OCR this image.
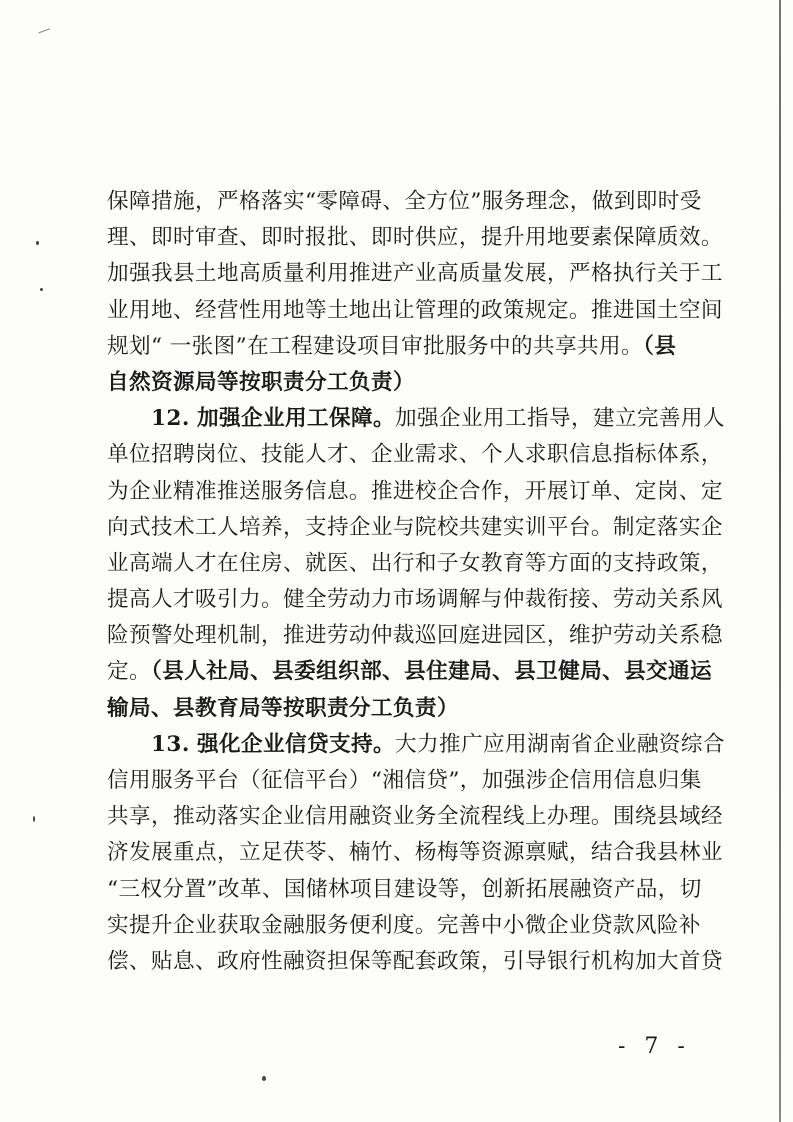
保障措施，严格落实“零障碍、全方位”服务理念，做到即时受

理、即时审查、即时报批、即时供应，提升用地要素保障质效。

加强我县土地高质量利用推进产业高质量发展，严格执行关于工

业用地、经营性用地等土地出让管理的政策规定。推进国土空间

规划“ 一张图”在工程建设项目审批服务中的共享共用。（县

自然资源局等按职责分工负责）

12. 加强企业用工保障。加强企业用工指导，建立完善用人

单位招聘岗位、技能人才、企业需求、个人求职信息指标体系，

为企业精准推送服务信息。推进校企合作，开展订单、定岗、定

向式技术工人培养，支持企业与院校共建实训平台。制定落实企

业高端人才在住房、就医、出行和子女教育等方面的支持政策，

提高人才吸引力。健全劳动力市场调解与仲裁衔接、劳动关系风

险预警处理机制，推进劳动仲裁巡回庭进园区，维护劳动关系稳

定。（县人社局、县委组织部、县住建局、县卫健局、县交通运

输局、县教育局等按职责分工负责）

13. 强化企业信贷支持。大力推广应用湖南省企业融资综合

信用服务平台（征信平台）“湘信贷”，加强涉企信用信息归集

共享，推动落实企业信用融资业务全流程线上办理。围绕县域经

济发展重点，立足茯苓、楠竹、杨梅等资源禀赋，结合我县林业

“三权分置”改革、国储林项目建设等，创新拓展融资产品，切

实提升企业获取金融服务便利度。完善中小微企业贷款风险补

偿、贴息、政府性融资担保等配套政策，引导银行机构加大首贷

- 7 -
